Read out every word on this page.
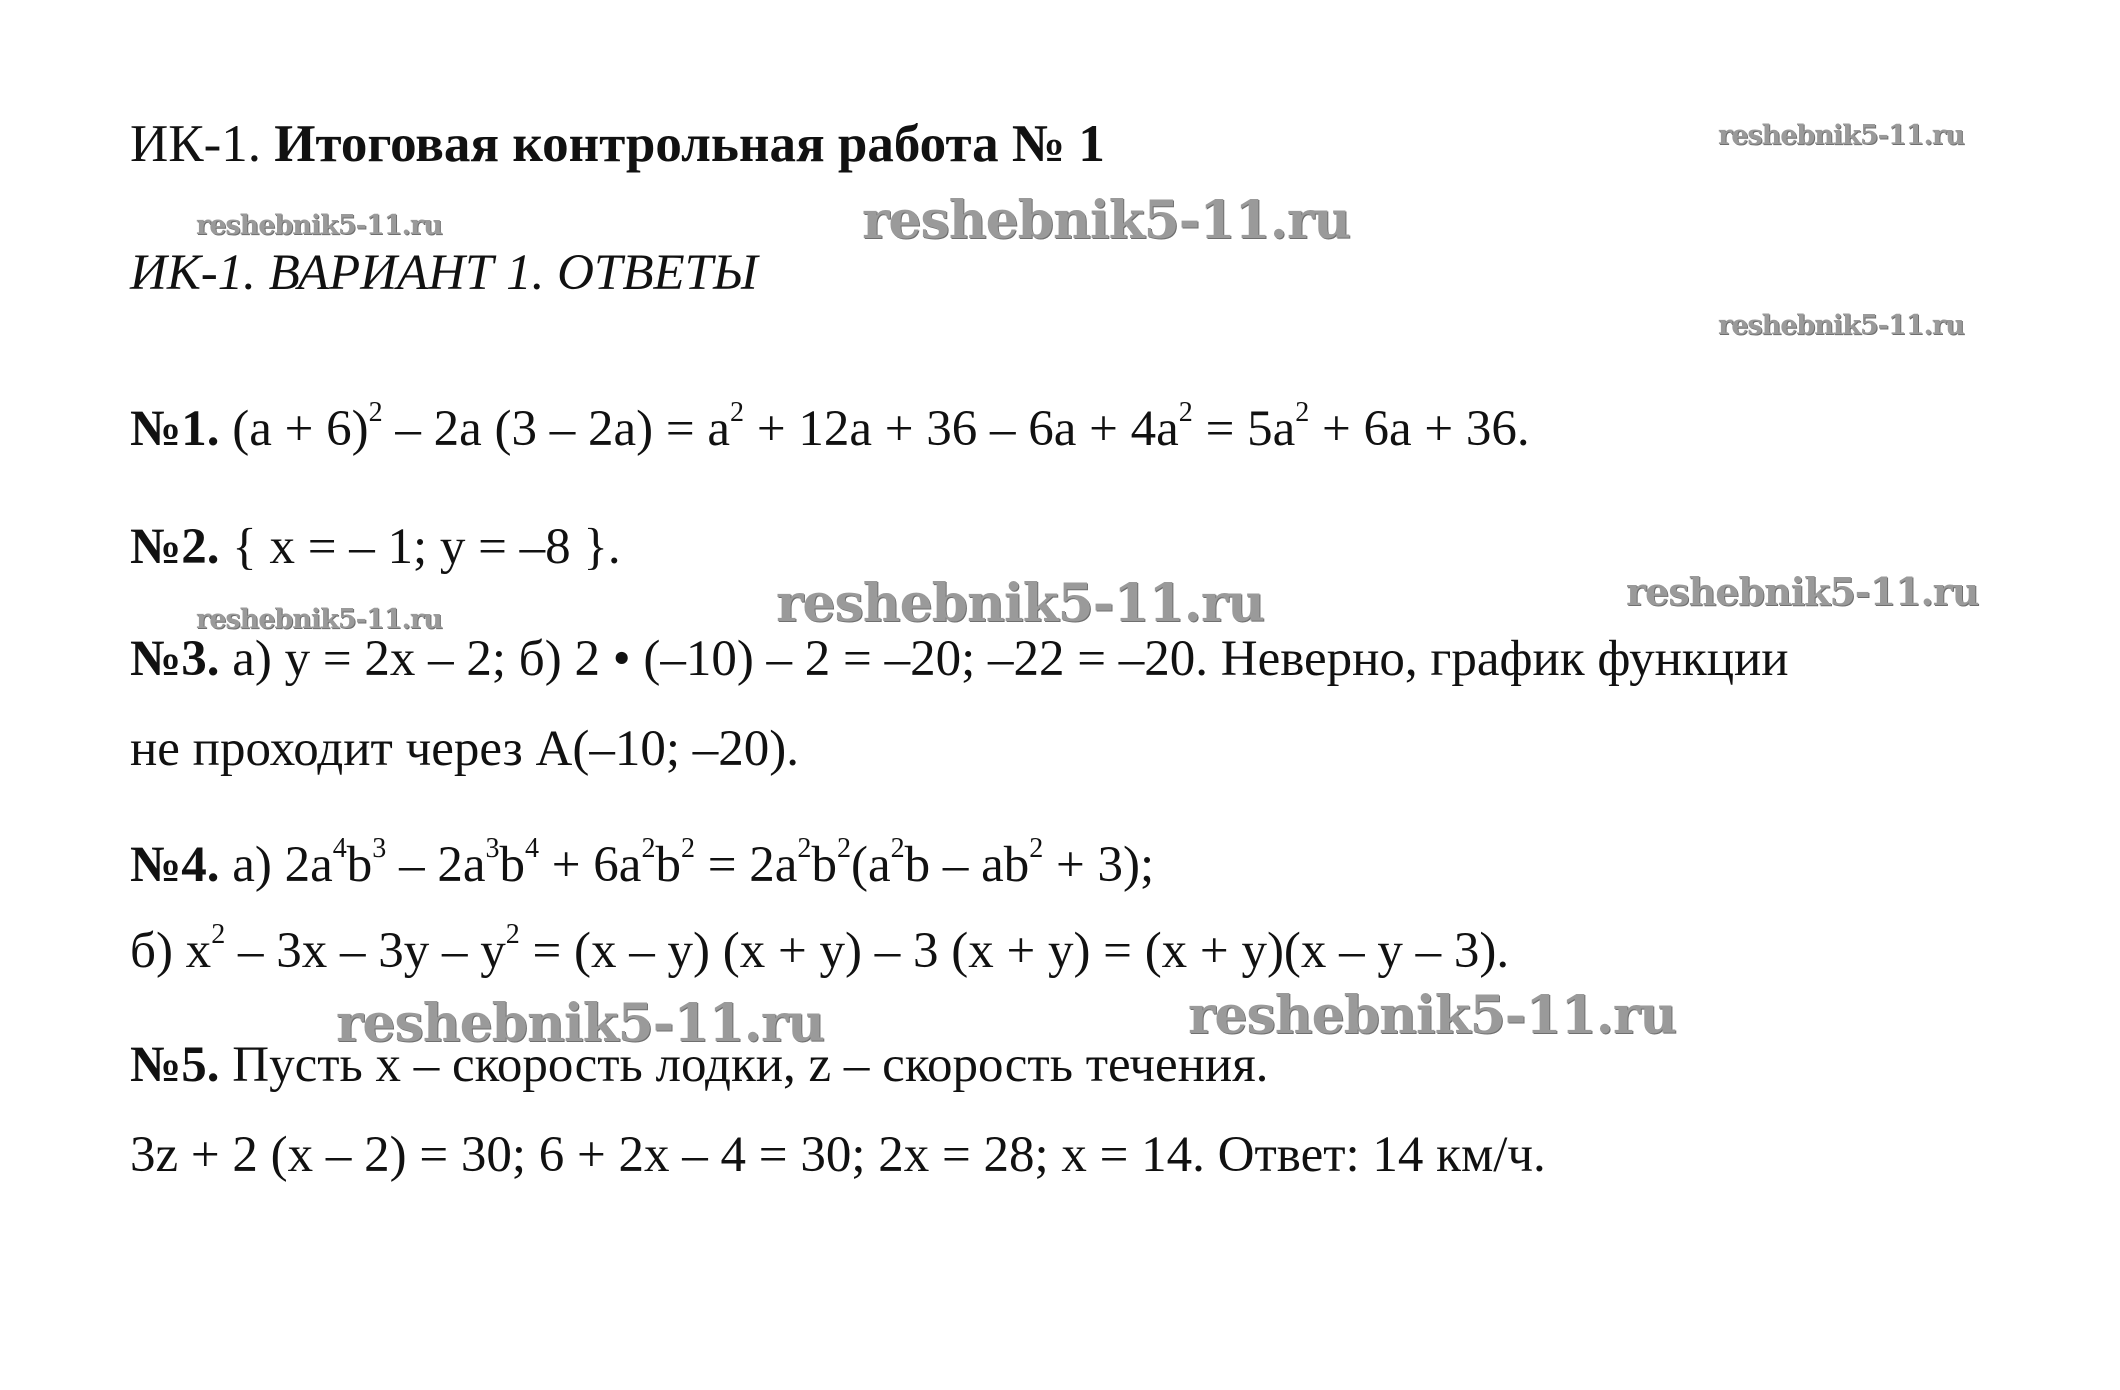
reshebnik5-11.ru
reshebnik5-11.ru	reshebnik5-11.ru
reshebnik5-11.ru
reshebnik5-11.ru	reshebnik5-11.ru	reshebnik5-11.ru
reshebnik5-11.ru	reshebnik5-11.ru
ИК-1. Итоговая контрольная работа № 1
ИК-1. ВАРИАНТ 1. ОТВЕТЫ
№1. $(a + 6)^2 - 2a$ $(3 - 2a) = a^2 + 12a + 36 - 6a + 4a^2 = 5a^2 + 6a + 36$.
№2. { x = – 1; y = –8 }.
№3. а) y = 2x – 2; б) 2 • (–10) – 2 = –20; –22 = –20. Неверно, график функции
не проходит через А(–10; –20).
№4. а) $2a^4b^3 - 2a^3b^4 + 6a^2b^2 = 2a^2b^2(a^2b - ab^2 + 3)$;
б) $x^2 - 3x - 3y - y^2 = (x - y) (x + y) - 3$ (x + y) = (x + y)(x – y – 3).
№5. Пусть x – скорость лодки, z – скорость течения.
3z + 2 (x – 2) = 30; 6 + 2x – 4 = 30; 2x = 28; x = 14. Ответ: 14 км/ч.
